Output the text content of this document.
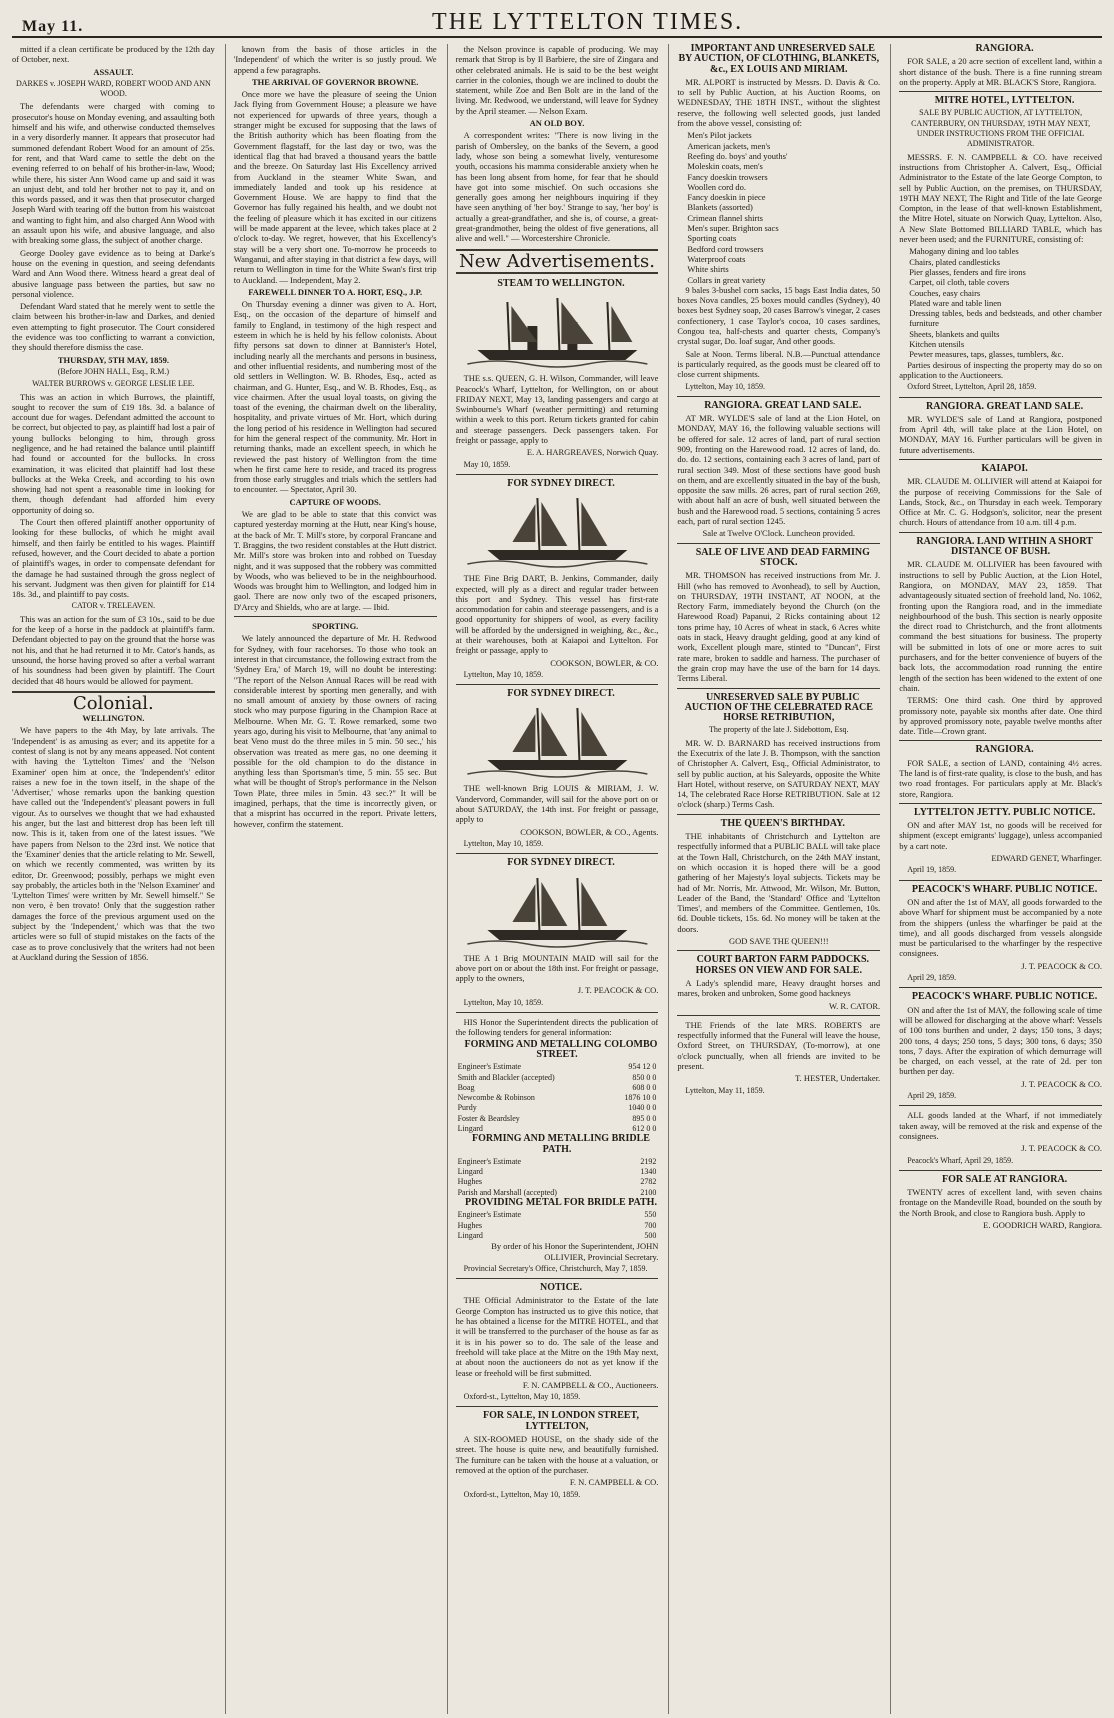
May 11.	THE LYTTELTON TIMES.

mitted if a clean certificate be produced by the 12th day of October, next.

ASSAULT.

DARKES v. JOSEPH WARD, ROBERT WOOD AND ANN WOOD.

The defendants were charged with coming to prosecutor's house on Monday evening, and assaulting both himself and his wife, and otherwise conducted themselves in a very disorderly manner. It appears that prosecutor had summoned defendant Robert Wood for an amount of 25s. for rent, and that Ward came to settle the debt on the evening referred to on behalf of his brother-in-law, Wood; while there, his sister Ann Wood came up and said it was an unjust debt, and told her brother not to pay it, and on this words passed, and it was then that prosecutor charged Joseph Ward with tearing off the button from his waistcoat and wanting to fight him, and also charged Ann Wood with an assault upon his wife, and abusive language, and also with breaking some glass, the subject of another charge.

George Dooley gave evidence as to being at Darke's house on the evening in question, and seeing defendants Ward and Ann Wood there. Witness heard a great deal of abusive language pass between the parties, but saw no personal violence.

Defendant Ward stated that he merely went to settle the claim between his brother-in-law and Darkes, and denied even attempting to fight prosecutor. The Court considered the evidence was too conflicting to warrant a conviction, they should therefore dismiss the case.

THURSDAY, 5TH MAY, 1859.

(Before JOHN HALL, Esq., R.M.)

WALTER BURROWS v. GEORGE LESLIE LEE.

This was an action in which Burrows, the plaintiff, sought to recover the sum of £19 18s. 3d. a balance of account due for wages. Defendant admitted the account to be correct, but objected to pay, as plaintiff had lost a pair of young bullocks belonging to him, through gross negligence, and he had retained the balance until plaintiff had found or accounted for the bullocks. In cross examination, it was elicited that plaintiff had lost these bullocks at the Weka Creek, and according to his own showing had not spent a reasonable time in looking for them, though defendant had afforded him every opportunity of doing so.

The Court then offered plaintiff another opportunity of looking for these bullocks, of which he might avail himself, and then fairly be entitled to his wages. Plaintiff refused, however, and the Court decided to abate a portion of plaintiff's wages, in order to compensate defendant for the damage he had sustained through the gross neglect of his servant. Judgment was then given for plaintiff for £14 18s. 3d., and plaintiff to pay costs.

CATOR v. TRELEAVEN.

This was an action for the sum of £3 10s., said to be due for the keep of a horse in the paddock at plaintiff's farm. Defendant objected to pay on the ground that the horse was not his, and that he had returned it to Mr. Cator's hands, as unsound, the horse having proved so after a verbal warrant of his soundness had been given by plaintiff. The Court decided that 48 hours would be allowed for payment.

Colonial.

WELLINGTON.

We have papers to the 4th May, by late arrivals. The 'Independent' is as amusing as ever; and its appetite for a contest of slang is not by any means appeased. Not content with having the 'Lyttelton Times' and the 'Nelson Examiner' open him at once, the 'Independent's' editor raises a new foe in the town itself, in the shape of the 'Advertiser,' whose remarks upon the banking question have called out the 'Independent's' pleasant powers in full vigour. As to ourselves we thought that we had exhausted his anger, but the last and bitterest drop has been left till now. This is it, taken from one of the latest issues. "We have papers from Nelson to the 23rd inst. We notice that the 'Examiner' denies that the article relating to Mr. Sewell, on which we recently commented, was written by its editor, Dr. Greenwood; possibly, perhaps we might even say probably, the articles both in the 'Nelson Examiner' and 'Lyttelton Times' were written by Mr. Sewell himself." Se non vero, è ben trovato! Only that the suggestion rather damages the force of the previous argument used on the subject by the 'Independent,' which was that the two articles were so full of stupid mistakes on the facts of the case as to prove conclusively that the writers had not been at Auckland during the Session of 1856.

known from the basis of those articles in the 'Independent' of which the writer is so justly proud. We append a few paragraphs.

THE ARRIVAL OF GOVERNOR BROWNE.

Once more we have the pleasure of seeing the Union Jack flying from Government House; a pleasure we have not experienced for upwards of three years, though a stranger might be excused for supposing that the laws of the British authority which has been floating from the Government flagstaff, for the last day or two, was the identical flag that had braved a thousand years the battle and the breeze. On Saturday last His Excellency arrived from Auckland in the steamer White Swan, and immediately landed and took up his residence at Government House. We are happy to find that the Governor has fully regained his health, and we doubt not the feeling of pleasure which it has excited in our citizens will be made apparent at the levee, which takes place at 2 o'clock to-day. We regret, however, that his Excellency's stay will be a very short one. To-morrow he proceeds to Wanganui, and after staying in that district a few days, will return to Wellington in time for the White Swan's first trip to Auckland. — Independent, May 2.

FAREWELL DINNER TO A. HORT, ESQ., J.P.

On Thursday evening a dinner was given to A. Hort, Esq., on the occasion of the departure of himself and family to England, in testimony of the high respect and esteem in which he is held by his fellow colonists. About fifty persons sat down to dinner at Bannister's Hotel, including nearly all the merchants and persons in business, and other influential residents, and numbering most of the old settlers in Wellington. W. B. Rhodes, Esq., acted as chairman, and G. Hunter, Esq., and W. B. Rhodes, Esq., as vice chairmen. After the usual loyal toasts, on giving the toast of the evening, the chairman dwelt on the liberality, hospitality, and private virtues of Mr. Hort, which during the long period of his residence in Wellington had secured for him the general respect of the community. Mr. Hort in returning thanks, made an excellent speech, in which he reviewed the past history of Wellington from the time when he first came here to reside, and traced its progress from those early struggles and trials which the settlers had to encounter. — Spectator, April 30.

CAPTURE OF WOODS.

We are glad to be able to state that this convict was captured yesterday morning at the Hutt, near King's house, at the back of Mr. T. Mill's store, by corporal Francane and T. Braggins, the two resident constables at the Hutt district. Mr. Mill's store was broken into and robbed on Tuesday night, and it was supposed that the robbery was committed by Woods, who was believed to be in the neighbourhood. Woods was brought him to Wellington, and lodged him in gaol. There are now only two of the escaped prisoners, D'Arcy and Shields, who are at large. — Ibid.

SPORTING.

We lately announced the departure of Mr. H. Redwood for Sydney, with four racehorses. To those who took an interest in that circumstance, the following extract from the 'Sydney Era,' of March 19, will no doubt be interesting: "The report of the Nelson Annual Races will be read with considerable interest by sporting men generally, and with no small amount of anxiety by those owners of racing stock who may purpose figuring in the Champion Race at Melbourne. When Mr. G. T. Rowe remarked, some two years ago, during his visit to Melbourne, that 'any animal to beat Veno must do the three miles in 5 min. 50 sec.,' his observation was treated as mere gas, no one deeming it possible for the old champion to do the distance in anything less than Sportsman's time, 5 min. 55 sec. But what will be thought of Strop's performance in the Nelson Town Plate, three miles in 5min. 43 sec.?" It will be imagined, perhaps, that the time is incorrectly given, or that a misprint has occurred in the report. Private letters, however, confirm the statement.

the Nelson province is capable of producing. We may remark that Strop is by Il Barbiere, the sire of Zingara and other celebrated animals. He is said to be the best weight carrier in the colonies, though we are inclined to doubt the statement, while Zoe and Ben Bolt are in the land of the living. Mr. Redwood, we understand, will leave for Sydney by the April steamer. — Nelson Exam.

AN OLD BOY.

A correspondent writes: "There is now living in the parish of Ombersley, on the banks of the Severn, a good lady, whose son being a somewhat lively, venturesome youth, occasions his mamma considerable anxiety when he has been long absent from home, for fear that he should have got into some mischief. On such occasions she generally goes among her neighbours inquiring if they have seen anything of 'her boy.' Strange to say, 'her boy' is actually a great-grandfather, and she is, of course, a great-great-grandmother, being the oldest of five generations, all alive and well." — Worcestershire Chronicle.

New Advertisements.

STEAM TO WELLINGTON.

THE s.s. QUEEN, G. H. Wilson, Commander, will leave Peacock's Wharf, Lyttelton, for Wellington, on or about FRIDAY NEXT, May 13, landing passengers and cargo at Swinbourne's Wharf (weather permitting) and returning within a week to this port. Return tickets granted for cabin and steerage passengers. Deck passengers taken. For freight or passage, apply to

E. A. HARGREAVES, Norwich Quay.

May 10, 1859.

FOR SYDNEY DIRECT.

THE Fine Brig DART, B. Jenkins, Commander, daily expected, will ply as a direct and regular trader between this port and Sydney. This vessel has first-rate accommodation for cabin and steerage passengers, and is a good opportunity for shippers of wool, as every facility will be afforded by the undersigned in weighing, &c., &c., at their warehouses, both at Kaiapoi and Lyttelton. For freight or passage, apply to

COOKSON, BOWLER, & CO.

Lyttelton, May 10, 1859.

FOR SYDNEY DIRECT.

THE well-known Brig LOUIS & MIRIAM, J. W. Vandervord, Commander, will sail for the above port on or about SATURDAY, the 14th inst. For freight or passage, apply to

COOKSON, BOWLER, & CO., Agents.

Lyttelton, May 10, 1859.

FOR SYDNEY DIRECT.

THE A 1 Brig MOUNTAIN MAID will sail for the above port on or about the 18th inst. For freight or passage, apply to the owners,

J. T. PEACOCK & CO.

Lyttelton, May 10, 1859.

HIS Honor the Superintendent directs the publication of the following tenders for general information:

FORMING AND METALLING COLOMBO STREET.

Engineer's Estimate	954 12 0
Smith and Blackler (accepted)	850 0 0
Boag	608 0 0
Newcombe & Robinson	1876 10 0
Purdy	1040 0 0
Foster & Beardsley	895 0 0
Lingard	612 0 0

FORMING AND METALLING BRIDLE PATH.

Engineer's Estimate	2192
Lingard	1340
Hughes	2782
Parish and Marshall (accepted)	2100

PROVIDING METAL FOR BRIDLE PATH.

Engineer's Estimate	550
Hughes	700
Lingard	500

By order of his Honor the Superintendent, JOHN OLLIVIER, Provincial Secretary.

Provincial Secretary's Office, Christchurch, May 7, 1859.

NOTICE.

THE Official Administrator to the Estate of the late George Compton has instructed us to give this notice, that he has obtained a license for the MITRE HOTEL, and that it will be transferred to the purchaser of the house as far as it is in his power so to do. The sale of the lease and freehold will take place at the Mitre on the 19th May next, at about noon the auctioneers do not as yet know if the lease or freehold will be first submitted.

F. N. CAMPBELL & CO., Auctioneers.

Oxford-st., Lyttelton, May 10, 1859.

FOR SALE, IN LONDON STREET, LYTTELTON,

A SIX-ROOMED HOUSE, on the shady side of the street. The house is quite new, and beautifully furnished. The furniture can be taken with the house at a valuation, or removed at the option of the purchaser.

F. N. CAMPBELL & CO.

Oxford-st., Lyttelton, May 10, 1859.

IMPORTANT AND UNRESERVED SALE BY AUCTION, OF CLOTHING, BLANKETS, &c., EX LOUIS AND MIRIAM.

MR. ALPORT is instructed by Messrs. D. Davis & Co. to sell by Public Auction, at his Auction Rooms, on WEDNESDAY, THE 18TH INST., without the slightest reserve, the following well selected goods, just landed from the above vessel, consisting of:

Men's Pilot jackets
American jackets, men's
Reefing do. boys' and youths'
Moleskin coats, men's
Fancy doeskin trowsers
Woollen cord do.
Fancy doeskin in piece
Blankets (assorted)
Crimean flannel shirts
Men's super. Brighton sacs
Sporting coats
Bedford cord trowsers
Waterproof coats
White shirts
Collars in great variety

9 bales 3-bushel corn sacks, 15 bags East India dates, 50 boxes Nova candles, 25 boxes mould candles (Sydney), 40 boxes best Sydney soap, 20 cases Barrow's vinegar, 2 cases confectionery, 1 case Taylor's cocoa, 10 cases sardines, Congou tea, half-chests and quarter chests, Company's crystal sugar, Do. loaf sugar, And other goods.

Sale at Noon. Terms liberal. N.B.—Punctual attendance is particularly required, as the goods must be cleared off to close current shipments.

Lyttelton, May 10, 1859.

RANGIORA. GREAT LAND SALE.

AT MR. WYLDE'S sale of land at the Lion Hotel, on MONDAY, MAY 16, the following valuable sections will be offered for sale. 12 acres of land, part of rural section 909, fronting on the Harewood road. 12 acres of land, do. do. do. 12 sections, containing each 3 acres of land, part of rural section 349. Most of these sections have good bush on them, and are excellently situated in the bay of the bush, opposite the saw mills. 26 acres, part of rural section 269, with about half an acre of bush, well situated between the bush and the Harewood road. 5 sections, containing 5 acres each, part of rural section 1245.

Sale at Twelve O'Clock. Luncheon provided.

SALE OF LIVE AND DEAD FARMING STOCK.

MR. THOMSON has received instructions from Mr. J. Hill (who has removed to Avonhead), to sell by Auction, on THURSDAY, 19TH INSTANT, AT NOON, at the Rectory Farm, immediately beyond the Church (on the Harewood Road) Papanui, 2 Ricks containing about 12 tons prime hay, 10 Acres of wheat in stack, 6 Acres white oats in stack, Heavy draught gelding, good at any kind of work, Excellent plough mare, stinted to "Duncan", First rate mare, broken to saddle and harness. The purchaser of the grain crop may have the use of the barn for 14 days. Terms Liberal.

UNRESERVED SALE BY PUBLIC AUCTION OF THE CELEBRATED RACE HORSE RETRIBUTION,

The property of the late J. Sidebottom, Esq.

MR. W. D. BARNARD has received instructions from the Executrix of the late J. B. Thompson, with the sanction of Christopher A. Calvert, Esq., Official Administrator, to sell by public auction, at his Saleyards, opposite the White Hart Hotel, without reserve, on SATURDAY NEXT, MAY 14, The celebrated Race Horse RETRIBUTION. Sale at 12 o'clock (sharp.) Terms Cash.

THE QUEEN'S BIRTHDAY.

THE inhabitants of Christchurch and Lyttelton are respectfully informed that a PUBLIC BALL will take place at the Town Hall, Christchurch, on the 24th MAY instant, on which occasion it is hoped there will be a good gathering of her Majesty's loyal subjects. Tickets may be had of Mr. Norris, Mr. Attwood, Mr. Wilson, Mr. Button, Leader of the Band, the 'Standard' Office and 'Lyttelton Times', and members of the Committee. Gentlemen, 10s. 6d. Double tickets, 15s. 6d. No money will be taken at the doors.

GOD SAVE THE QUEEN!!!

COURT BARTON FARM PADDOCKS. HORSES ON VIEW AND FOR SALE.

A Lady's splendid mare, Heavy draught horses and mares, broken and unbroken, Some good hackneys

W. R. CATOR.

THE Friends of the late MRS. ROBERTS are respectfully informed that the Funeral will leave the house, Oxford Street, on THURSDAY, (To-morrow), at one o'clock punctually, when all friends are invited to be present.

T. HESTER, Undertaker.

Lyttelton, May 11, 1859.

RANGIORA.

FOR SALE, a 20 acre section of excellent land, within a short distance of the bush. There is a fine running stream on the property. Apply at MR. BLACK'S Store, Rangiora.

MITRE HOTEL, LYTTELTON.

SALE BY PUBLIC AUCTION, AT LYTTELTON, CANTERBURY, ON THURSDAY, 19TH MAY NEXT, UNDER INSTRUCTIONS FROM THE OFFICIAL ADMINISTRATOR.

MESSRS. F. N. CAMPBELL & CO. have received instructions from Christopher A. Calvert, Esq., Official Administrator to the Estate of the late George Compton, to sell by Public Auction, on the premises, on THURSDAY, 19TH MAY NEXT, The Right and Title of the late George Compton, in the lease of that well-known Establishment, the Mitre Hotel, situate on Norwich Quay, Lyttelton. Also, A New Slate Bottomed BILLIARD TABLE, which has never been used; and the FURNITURE, consisting of:

Mahogany dining and loo tables
Chairs, plated candlesticks
Pier glasses, fenders and fire irons
Carpet, oil cloth, table covers
Couches, easy chairs
Plated ware and table linen
Dressing tables, beds and bedsteads, and other chamber furniture
Sheets, blankets and quilts
Kitchen utensils
Pewter measures, taps, glasses, tumblers, &c.

Parties desirous of inspecting the property may do so on application to the Auctioneers.

Oxford Street, Lyttelton, April 28, 1859.

RANGIORA. GREAT LAND SALE.

MR. WYLDE'S sale of Land at Rangiora, postponed from April 4th, will take place at the Lion Hotel, on MONDAY, MAY 16. Further particulars will be given in future advertisements.

KAIAPOI.

MR. CLAUDE M. OLLIVIER will attend at Kaiapoi for the purpose of receiving Commissions for the Sale of Lands, Stock, &c., on Thursday in each week. Temporary Office at Mr. C. G. Hodgson's, solicitor, near the present church. Hours of attendance from 10 a.m. till 4 p.m.

RANGIORA. LAND WITHIN A SHORT DISTANCE OF BUSH.

MR. CLAUDE M. OLLIVIER has been favoured with instructions to sell by Public Auction, at the Lion Hotel, Rangiora, on MONDAY, MAY 23, 1859. That advantageously situated section of freehold land, No. 1062, fronting upon the Rangiora road, and in the immediate neighbourhood of the bush. This section is nearly opposite the direct road to Christchurch, and the front allotments command the best situations for business. The property will be submitted in lots of one or more acres to suit purchasers, and for the better convenience of buyers of the back lots, the accommodation road running the entire length of the section has been widened to the extent of one chain.

TERMS: One third cash. One third by approved promissory note, payable six months after date. One third by approved promissory note, payable twelve months after date. Title—Crown grant.

RANGIORA.

FOR SALE, a section of LAND, containing 4½ acres. The land is of first-rate quality, is close to the bush, and has two road frontages. For particulars apply at Mr. Black's store, Rangiora.

LYTTELTON JETTY. PUBLIC NOTICE.

ON and after MAY 1st, no goods will be received for shipment (except emigrants' luggage), unless accompanied by a cart note.

EDWARD GENET, Wharfinger.

April 19, 1859.

PEACOCK'S WHARF. PUBLIC NOTICE.

ON and after the 1st of MAY, all goods forwarded to the above Wharf for shipment must be accompanied by a note from the shippers (unless the wharfinger be paid at the time), and all goods discharged from vessels alongside must be particularised to the wharfinger by the respective consignees.

J. T. PEACOCK & CO.

April 29, 1859.

PEACOCK'S WHARF. PUBLIC NOTICE.

ON and after the 1st of MAY, the following scale of time will be allowed for discharging at the above wharf: Vessels of 100 tons burthen and under, 2 days; 150 tons, 3 days; 200 tons, 4 days; 250 tons, 5 days; 300 tons, 6 days; 350 tons, 7 days. After the expiration of which demurrage will be charged, on each vessel, at the rate of 2d. per ton burthen per day.

J. T. PEACOCK & CO.

April 29, 1859.

ALL goods landed at the Wharf, if not immediately taken away, will be removed at the risk and expense of the consignees.

J. T. PEACOCK & CO.

Peacock's Wharf, April 29, 1859.

FOR SALE AT RANGIORA.

TWENTY acres of excellent land, with seven chains frontage on the Mandeville Road, bounded on the south by the North Brook, and close to Rangiora bush. Apply to

E. GOODRICH WARD, Rangiora.
